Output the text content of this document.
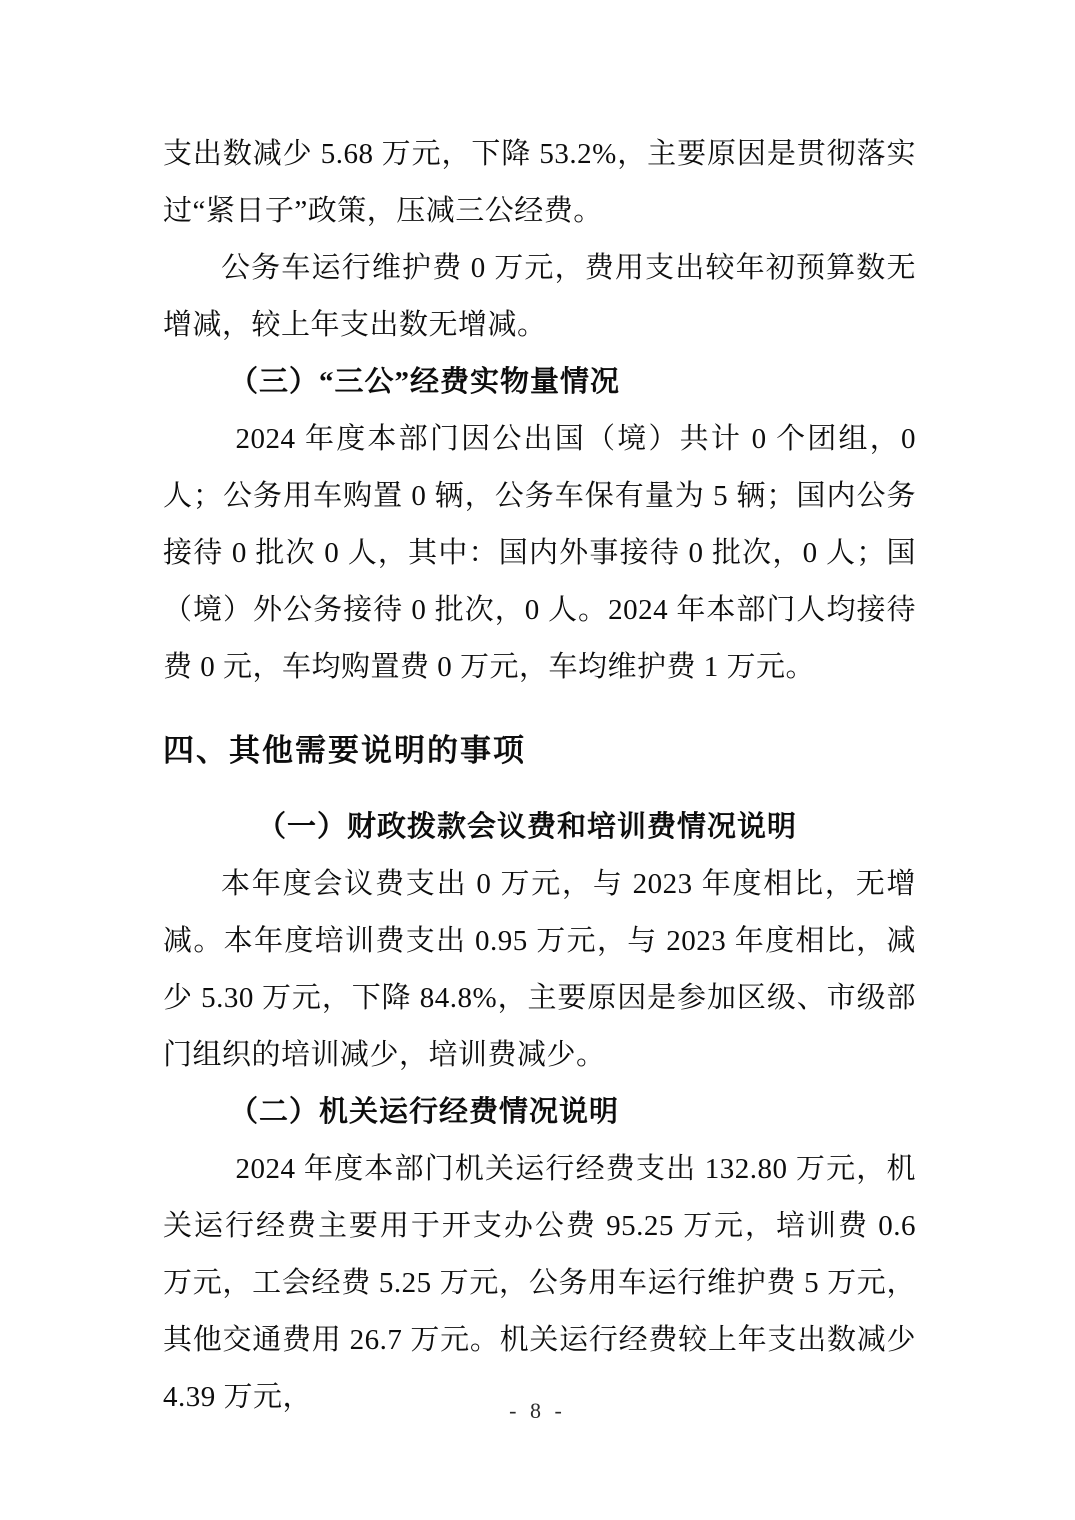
支出数减少 5.68 万元，下降 53.2%，主要原因是贯彻落实过“紧日子”政策，压减三公经费。

公务车运行维护费 0 万元，费用支出较年初预算数无增减，较上年支出数无增减。

（三）“三公”经费实物量情况

2024 年度本部门因公出国（境）共计 0 个团组，0 人；公务用车购置 0 辆，公务车保有量为 5 辆；国内公务接待 0 批次 0 人，其中：国内外事接待 0 批次，0 人；国（境）外公务接待 0 批次，0 人。2024 年本部门人均接待费 0 元，车均购置费 0 万元，车均维护费 1 万元。

四、其他需要说明的事项
（一）财政拨款会议费和培训费情况说明

本年度会议费支出 0 万元，与 2023 年度相比，无增减。本年度培训费支出 0.95 万元，与 2023 年度相比，减少 5.30 万元，下降 84.8%，主要原因是参加区级、市级部门组织的培训减少，培训费减少。

（二）机关运行经费情况说明

2024 年度本部门机关运行经费支出 132.80 万元，机关运行经费主要用于开支办公费 95.25 万元，培训费 0.6 万元，工会经费 5.25 万元，公务用车运行维护费 5 万元，其他交通费用 26.7 万元。机关运行经费较上年支出数减少 4.39 万元，	- 8 -
